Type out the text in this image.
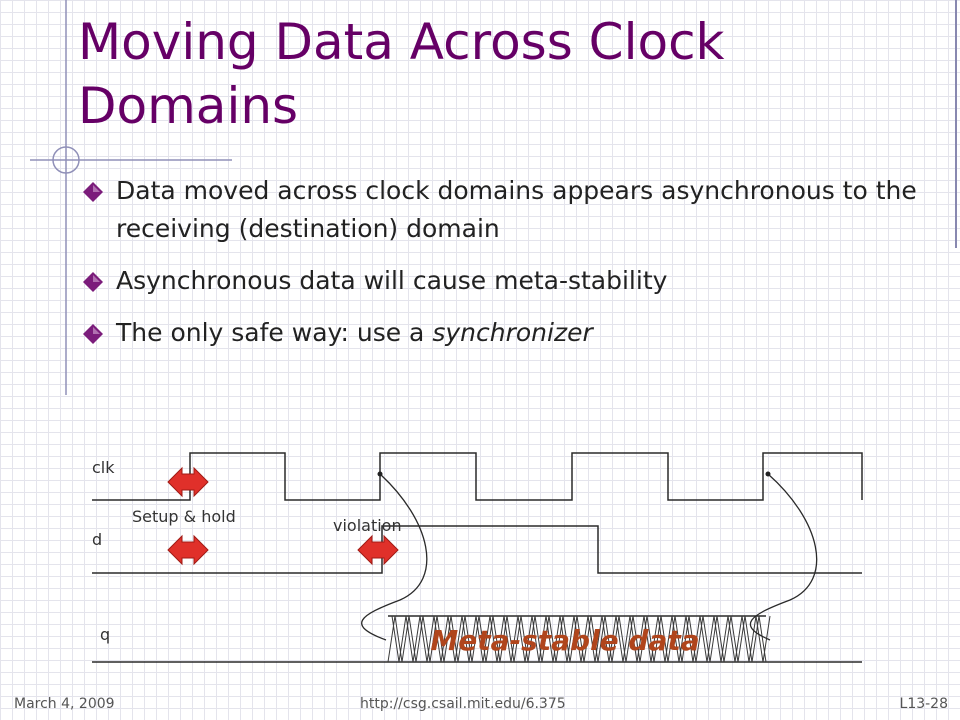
Moving Data Across Clock Domains
Data moved across clock domains appears asynchronous to the receiving (destination) domain
Asynchronous data will cause meta-stability
The only safe way: use a synchronizer
clk
d
q	Meta-stable data
Setup & hold	violation
March 4, 2009	http://csg.csail.mit.edu/6.375	L13-28
